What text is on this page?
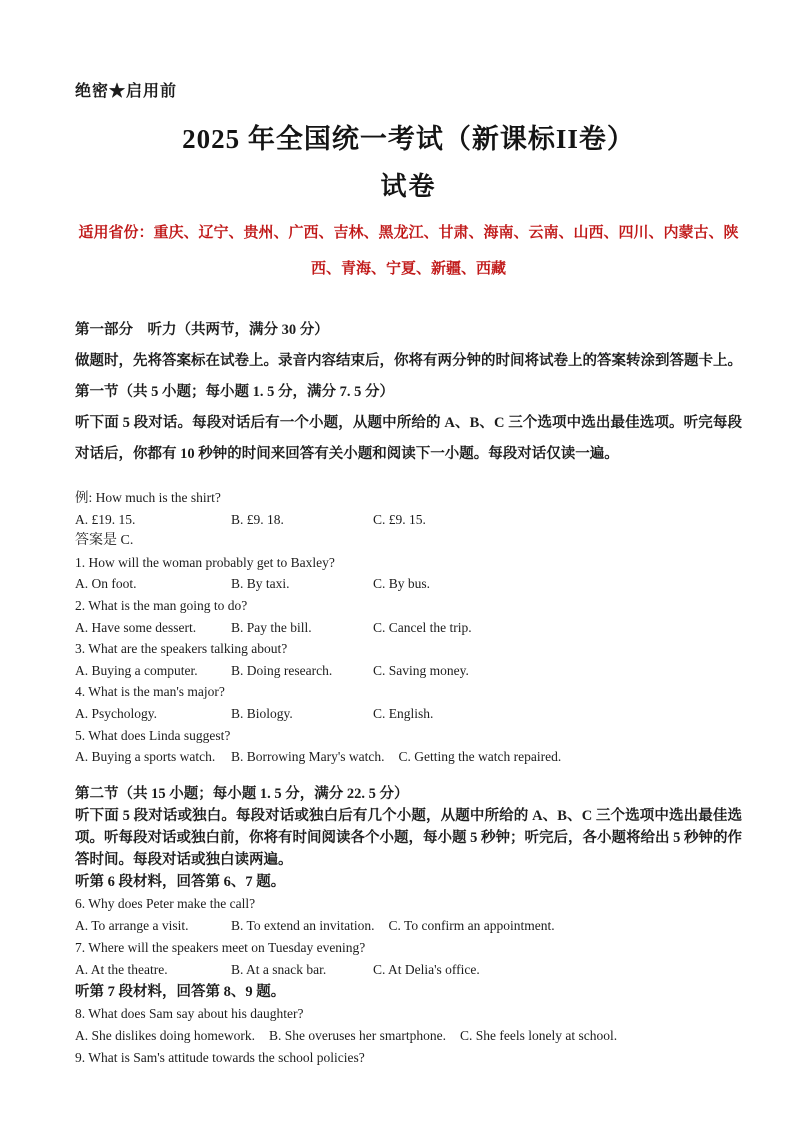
绝密★启用前
2025 年全国统一考试（新课标II卷）
试卷
适用省份：重庆、辽宁、贵州、广西、吉林、黑龙江、甘肃、海南、云南、山西、四川、内蒙古、陕
西、青海、宁夏、新疆、西藏
第一部分　听力（共两节，满分 30 分）
做题时，先将答案标在试卷上。录音内容结束后，你将有两分钟的时间将试卷上的答案转涂到答题卡上。
第一节（共 5 小题；每小题 1. 5 分，满分 7. 5 分）
听下面 5 段对话。每段对话后有一个小题，从题中所给的 A、B、C 三个选项中选出最佳选项。听完每段对话后，你都有 10 秒钟的时间来回答有关小题和阅读下一小题。每段对话仅读一遍。
例: How much is the shirt?
A. £19. 15.	B. £9. 18.	C. £9. 15.
答案是 C.
1. How will the woman probably get to Baxley?
A. On foot.	B. By taxi.	C. By bus.
2. What is the man going to do?
A. Have some dessert.	B. Pay the bill.	C. Cancel the trip.
3. What are the speakers talking about?
A. Buying a computer.	B. Doing research.	C. Saving money.
4. What is the man's major?
A. Psychology.	B. Biology.	C. English.
5. What does Linda suggest?
A. Buying a sports watch.	B. Borrowing Mary's watch.	C. Getting the watch repaired.
第二节（共 15 小题；每小题 1. 5 分，满分 22. 5 分）
听下面 5 段对话或独白。每段对话或独白后有几个小题，从题中所给的 A、B、C 三个选项中选出最佳选项。听每段对话或独白前，你将有时间阅读各个小题，每小题 5 秒钟；听完后，各小题将给出 5 秒钟的作答时间。每段对话或独白读两遍。
听第 6 段材料，回答第 6、7 题。
6. Why does Peter make the call?
A. To arrange a visit.	B. To extend an invitation.	C. To confirm an appointment.
7. Where will the speakers meet on Tuesday evening?
A. At the theatre.	B. At a snack bar.	C. At Delia's office.
听第 7 段材料，回答第 8、9 题。
8. What does Sam say about his daughter?
A. She dislikes doing homework.	B. She overuses her smartphone.	C. She feels lonely at school.
9. What is Sam's attitude towards the school policies?
